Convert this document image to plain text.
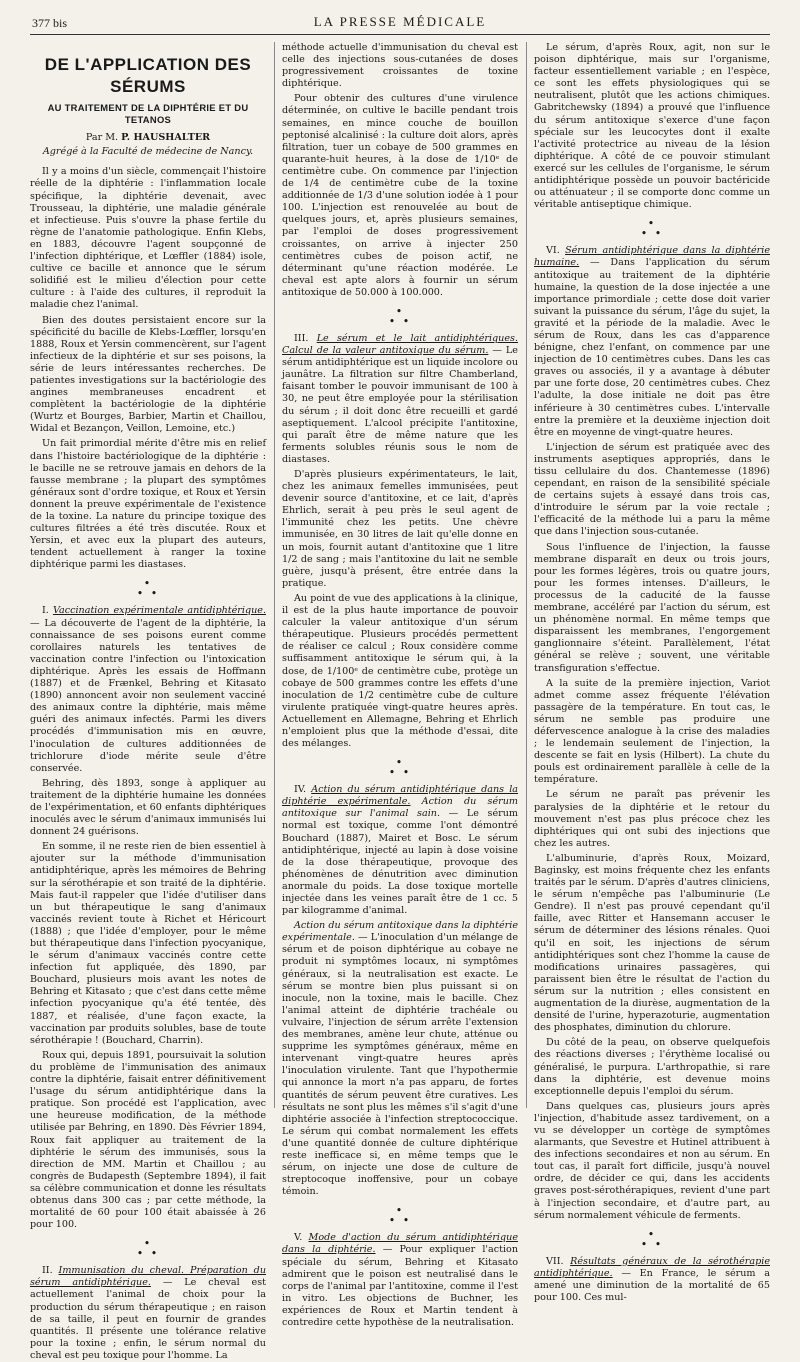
377 bis	LA PRESSE MÉDICALE
DE L'APPLICATION DES SÉRUMS
AU TRAITEMENT DE LA DIPHTÉRIE ET DU TETANOS
Par M. P. HAUSHALTER
Agrégé à la Faculté de médecine de Nancy.

Il y a moins d'un siècle, commençait l'histoire réelle de la diphtérie : l'inflammation locale spécifique, la diphtérie devenait, avec Trousseau, la diphtérie, une maladie générale et infectieuse. Puis s'ouvre la phase fertile du règne de l'anatomie pathologique. Enfin Klebs, en 1883, découvre l'agent soupçonné de l'infection diphtérique, et Lœffler (1884) isole, cultive ce bacille et annonce que le sérum solidifié est le milieu d'élection pour cette culture : à l'aide des cultures, il reproduit la maladie chez l'animal.

Bien des doutes persistaient encore sur la spécificité du bacille de Klebs-Lœffler, lorsqu'en 1888, Roux et Yersin commencèrent, sur l'agent infectieux de la diphtérie et sur ses poisons, la série de leurs intéressantes recherches. De patientes investigations sur la bactériologie des angines membraneuses encadrent et complètent la bactériologie de la diphtérie (Wurtz et Bourges, Barbier, Martin et Chaillou, Widal et Bezançon, Veillon, Lemoine, etc.)

Un fait primordial mérite d'être mis en relief dans l'histoire bactériologique de la diphtérie : le bacille ne se retrouve jamais en dehors de la fausse membrane ; la plupart des symptômes généraux sont d'ordre toxique, et Roux et Yersin donnent la preuve expérimentale de l'existence de la toxine. La nature du principe toxique des cultures filtrées a été très discutée. Roux et Yersin, et avec eux la plupart des auteurs, tendent actuellement à ranger la toxine diphtérique parmi les diastases.

•
• •

I. Vaccination expérimentale antidiphtérique. — La découverte de l'agent de la diphtérie, la connaissance de ses poisons eurent comme corollaires naturels les tentatives de vaccination contre l'infection ou l'intoxication diphtérique. Après les essais de Hoffmann (1887) et de Frænkel, Behring et Kitasato (1890) annoncent avoir non seulement vacciné des animaux contre la diphtérie, mais même guéri des animaux infectés. Parmi les divers procédés d'immunisation mis en œuvre, l'inoculation de cultures additionnées de trichlorure d'iode mérite seule d'être conservée.

Behring, dès 1893, songe à appliquer au traitement de la diphtérie humaine les données de l'expérimentation, et 60 enfants diphtériques inoculés avec le sérum d'animaux immunisés lui donnent 24 guérisons.

En somme, il ne reste rien de bien essentiel à ajouter sur la méthode d'immunisation antidiphtérique, après les mémoires de Behring sur la sérothérapie et son traité de la diphtérie. Mais faut-il rappeler que l'idée d'utiliser dans un but thérapeutique le sang d'animaux vaccinés revient toute à Richet et Héricourt (1888) ; que l'idée d'employer, pour le même but thérapeutique dans l'infection pyocyanique, le sérum d'animaux vaccinés contre cette infection fut appliquée, dès 1890, par Bouchard, plusieurs mois avant les notes de Behring et Kitasato ; que c'est dans cette même infection pyocyanique qu'a été tentée, dès 1887, et réalisée, d'une façon exacte, la vaccination par produits solubles, base de toute sérothérapie ! (Bouchard, Charrin).

Roux qui, depuis 1891, poursuivait la solution du problème de l'immunisation des animaux contre la diphtérie, faisait entrer définitivement l'usage du sérum antidiphtérique dans la pratique. Son procédé est l'application, avec une heureuse modification, de la méthode utilisée par Behring, en 1890. Dès Février 1894, Roux fait appliquer au traitement de la diphtérie le sérum des immunisés, sous la direction de MM. Martin et Chaillou ; au congrès de Budapesth (Septembre 1894), il fait sa célèbre communication et donne les résultats obtenus dans 300 cas ; par cette méthode, la mortalité de 60 pour 100 était abaissée à 26 pour 100.

•
• •

II. Immunisation du cheval. Préparation du sérum antidiphtérique. — Le cheval est actuellement l'animal de choix pour la production du sérum thérapeutique ; en raison de sa taille, il peut en fournir de grandes quantités. Il présente une tolérance relative pour la toxine ; enfin, le sérum normal du cheval est peu toxique pour l'homme. La

méthode actuelle d'immunisation du cheval est celle des injections sous-cutanées de doses progressivement croissantes de toxine diphtérique.

Pour obtenir des cultures d'une virulence déterminée, on cultive le bacille pendant trois semaines, en mince couche de bouillon peptonisé alcalinisé : la culture doit alors, après filtration, tuer un cobaye de 500 grammes en quarante-huit heures, à la dose de 1/10ᵉ de centimètre cube. On commence par l'injection de 1/4 de centimètre cube de la toxine additionnée de 1/3 d'une solution iodée à 1 pour 100. L'injection est renouvelée au bout de quelques jours, et, après plusieurs semaines, par l'emploi de doses progressivement croissantes, on arrive à injecter 250 centimètres cubes de poison actif, ne déterminant qu'une réaction modérée. Le cheval est apte alors à fournir un sérum antitoxique de 50.000 à 100.000.

•
• •

III. Le sérum et le lait antidiphtériques. Calcul de la valeur antitoxique du sérum. — Le sérum antidiphtérique est un liquide incolore ou jaunâtre. La filtration sur filtre Chamberland, faisant tomber le pouvoir immunisant de 100 à 30, ne peut être employée pour la stérilisation du sérum ; il doit donc être recueilli et gardé aseptiquement. L'alcool précipite l'antitoxine, qui paraît être de même nature que les ferments solubles réunis sous le nom de diastases.

D'après plusieurs expérimentateurs, le lait, chez les animaux femelles immunisées, peut devenir source d'antitoxine, et ce lait, d'après Ehrlich, serait à peu près le seul agent de l'immunité chez les petits. Une chèvre immunisée, en 30 litres de lait qu'elle donne en un mois, fournit autant d'antitoxine que 1 litre 1/2 de sang ; mais l'antitoxine du lait ne semble guère, jusqu'à présent, être entrée dans la pratique.

Au point de vue des applications à la clinique, il est de la plus haute importance de pouvoir calculer la valeur antitoxique d'un sérum thérapeutique. Plusieurs procédés permettent de réaliser ce calcul ; Roux considère comme suffisamment antitoxique le sérum qui, à la dose, de 1/100ᵉ de centimètre cube, protège un cobaye de 500 grammes contre les effets d'une inoculation de 1/2 centimètre cube de culture virulente pratiquée vingt-quatre heures après. Actuellement en Allemagne, Behring et Ehrlich n'emploient plus que la méthode d'essai, dite des mélanges.

•
• •

IV. Action du sérum antidiphtérique dans la diphtérie expérimentale. Action du sérum antitoxique sur l'animal sain. — Le sérum normal est toxique, comme l'ont démontré Bouchard (1887), Mairet et Bosc. Le sérum antidiphtérique, injecté au lapin à dose voisine de la dose thérapeutique, provoque des phénomènes de dénutrition avec diminution anormale du poids. La dose toxique mortelle injectée dans les veines paraît être de 1 cc. 5 par kilogramme d'animal.

Action du sérum antitoxique dans la diphtérie expérimentale. — L'inoculation d'un mélange de sérum et de poison diphtérique au cobaye ne produit ni symptômes locaux, ni symptômes généraux, si la neutralisation est exacte. Le sérum se montre bien plus puissant si on inocule, non la toxine, mais le bacille. Chez l'animal atteint de diphtérie trachéale ou vulvaire, l'injection de sérum arrête l'extension des membranes, amène leur chute, atténue ou supprime les symptômes généraux, même en intervenant vingt-quatre heures après l'inoculation virulente. Tant que l'hypothermie qui annonce la mort n'a pas apparu, de fortes quantités de sérum peuvent être curatives. Les résultats ne sont plus les mêmes s'il s'agit d'une diphtérie associée à l'infection streptococcique. Le sérum qui combat normalement les effets d'une quantité donnée de culture diphtérique reste inefficace si, en même temps que le sérum, on injecte une dose de culture de streptocoque inoffensive, pour un cobaye témoin.

•
• •

V. Mode d'action du sérum antidiphtérique dans la diphtérie. — Pour expliquer l'action spéciale du sérum, Behring et Kitasato admirent que le poison est neutralisé dans le corps de l'animal par l'antitoxine, comme il l'est in vitro. Les objections de Buchner, les expériences de Roux et Martin tendent à contredire cette hypothèse de la neutralisation.

Le sérum, d'après Roux, agit, non sur le poison diphtérique, mais sur l'organisme, facteur essentiellement variable ; en l'espèce, ce sont les effets physiologiques qui se neutralisent, plutôt que les actions chimiques. Gabritchewsky (1894) a prouvé que l'influence du sérum antitoxique s'exerce d'une façon spéciale sur les leucocytes dont il exalte l'activité protectrice au niveau de la lésion diphtérique. A côté de ce pouvoir stimulant exercé sur les cellules de l'organisme, le sérum antidiphtérique possède un pouvoir bactéricide ou atténuateur ; il se comporte donc comme un véritable antiseptique chimique.

•
• •

VI. Sérum antidiphtérique dans la diphtérie humaine. — Dans l'application du sérum antitoxique au traitement de la diphtérie humaine, la question de la dose injectée a une importance primordiale ; cette dose doit varier suivant la puissance du sérum, l'âge du sujet, la gravité et la période de la maladie. Avec le sérum de Roux, dans les cas d'apparence bénigne, chez l'enfant, on commence par une injection de 10 centimètres cubes. Dans les cas graves ou associés, il y a avantage à débuter par une forte dose, 20 centimètres cubes. Chez l'adulte, la dose initiale ne doit pas être inférieure à 30 centimètres cubes. L'intervalle entre la première et la deuxième injection doit être en moyenne de vingt-quatre heures.

L'injection de sérum est pratiquée avec des instruments aseptiques appropriés, dans le tissu cellulaire du dos. Chantemesse (1896) cependant, en raison de la sensibilité spéciale de certains sujets à essayé dans trois cas, d'introduire le sérum par la voie rectale ; l'efficacité de la méthode lui a paru la même que dans l'injection sous-cutanée.

Sous l'influence de l'injection, la fausse membrane disparaît en deux ou trois jours, pour les formes légères, trois ou quatre jours, pour les formes intenses. D'ailleurs, le processus de la caducité de la fausse membrane, accéléré par l'action du sérum, est un phénomène normal. En même temps que disparaissent les membranes, l'engorgement ganglionnaire s'éteint. Parallèlement, l'état général se relève ; souvent, une véritable transfiguration s'effectue.

A la suite de la première injection, Variot admet comme assez fréquente l'élévation passagère de la température. En tout cas, le sérum ne semble pas produire une défervescence analogue à la crise des maladies ; le lendemain seulement de l'injection, la descente se fait en lysis (Hilbert). La chute du pouls est ordinairement parallèle à celle de la température.

Le sérum ne paraît pas prévenir les paralysies de la diphtérie et le retour du mouvement n'est pas plus précoce chez les diphtériques qui ont subi des injections que chez les autres.

L'albuminurie, d'après Roux, Moizard, Baginsky, est moins fréquente chez les enfants traités par le sérum. D'après d'autres cliniciens, le sérum n'empêche pas l'albuminurie (Le Gendre). Il n'est pas prouvé cependant qu'il faille, avec Ritter et Hansemann accuser le sérum de déterminer des lésions rénales. Quoi qu'il en soit, les injections de sérum antidiphtériques sont chez l'homme la cause de modifications urinaires passagères, qui paraissent bien être le résultat de l'action du sérum sur la nutrition ; elles consistent en augmentation de la diurèse, augmentation de la densité de l'urine, hyperazoturie, augmentation des phosphates, diminution du chlorure.

Du côté de la peau, on observe quelquefois des réactions diverses ; l'érythème localisé ou généralisé, le purpura. L'arthropathie, si rare dans la diphtérie, est devenue moins exceptionnelle depuis l'emploi du sérum.

Dans quelques cas, plusieurs jours après l'injection, d'habitude assez tardivement, on a vu se développer un cortège de symptômes alarmants, que Sevestre et Hutinel attribuent à des infections secondaires et non au sérum. En tout cas, il paraît fort difficile, jusqu'à nouvel ordre, de décider ce qui, dans les accidents graves post-sérothérapiques, revient d'une part à l'injection secondaire, et d'autre part, au sérum normalement véhicule de ferments.

•
• •

VII. Résultats généraux de la sérothérapie antidiphtérique. — En France, le sérum a amené une diminution de la mortalité de 65 pour 100. Ces mul-
